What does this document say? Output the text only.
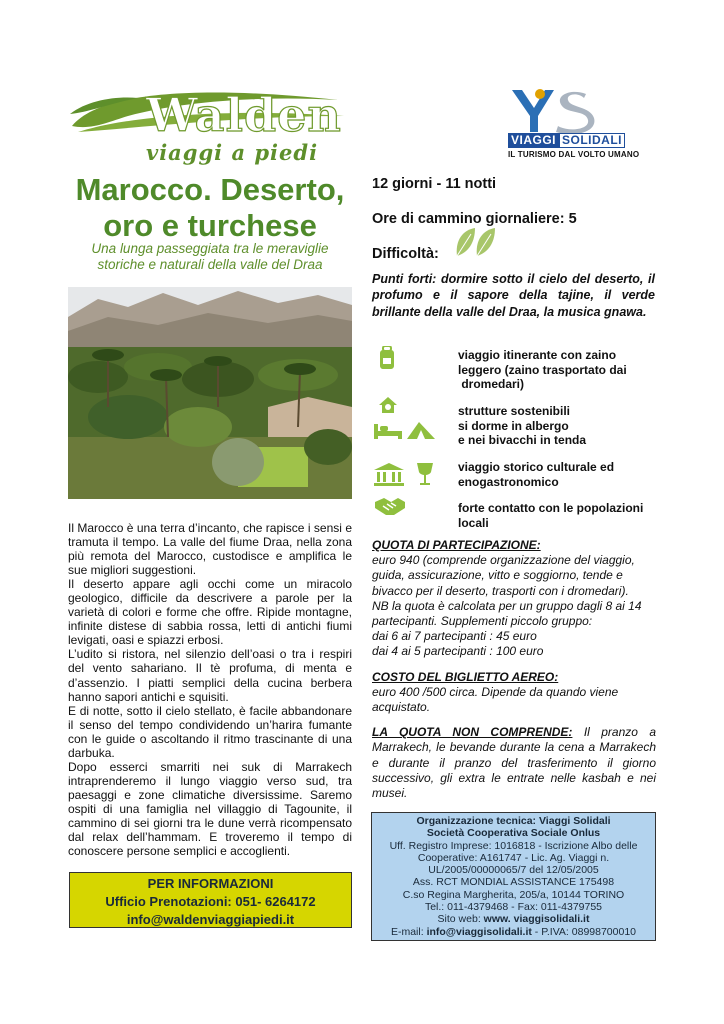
Walden
viaggi a piedi	VIAGGI SOLIDALI
IL TURISMO DAL VOLTO UMANO
Marocco. Deserto,
oro e turchese
Una lunga passeggiata tra le meraviglie
storiche e naturali della valle del Draa

Il Marocco è una terra d’incanto, che rapisce i sensi e tramuta il tempo. La valle del fiume Draa, nella zona più remota del Marocco, custodisce e amplifica le sue migliori suggestioni.

Il deserto appare agli occhi come un miracolo geologico, difficile da descrivere a parole per la varietà di colori e forme che offre. Ripide montagne, infinite distese di sabbia rossa, letti di antichi fiumi levigati, oasi e spiazzi erbosi.

L’udito si ristora, nel silenzio dell’oasi o tra i respiri del vento sahariano. Il tè profuma, di menta e d’assenzio. I piatti semplici della cucina berbera hanno sapori antichi e squisiti.

E di notte, sotto il cielo stellato, è facile abbandonare il senso del tempo condividendo un’harira fumante con le guide o ascoltando il ritmo trascinante di una darbuka.

Dopo esserci smarriti nei suk di Marrakech intraprenderemo il lungo viaggio verso sud, tra paesaggi e zone climatiche diversissime. Saremo ospiti di una famiglia nel villaggio di Tagounite, il cammino di sei giorni tra le dune verrà ricompensato dal relax dell’hammam. E troveremo il tempo di conoscere persone semplici e accoglienti.

PER INFORMAZIONI
Ufficio Prenotazioni: 051- 6264172
info@waldenviaggiapiedi.it
12 giorni - 11 notti
Ore di cammino giornaliere: 5
Difficoltà:
Punti forti: dormire sotto il cielo del deserto, il profumo e il sapore della tajine, il verde brillante della valle del Draa, la musica gnawa.
viaggio itinerante con zaino
leggero (zaino trasportato dai
dromedari)
strutture sostenibili
si dorme in albergo
e nei bivacchi in tenda
viaggio storico culturale ed
enogastronomico
forte contatto con le popolazioni
locali

QUOTA DI PARTECIPAZIONE:

euro 940 (comprende organizzazione del viaggio,

guida, assicurazione, vitto e soggiorno, tende e

bivacco per il deserto, trasporti con i dromedari).

NB la quota è calcolata per un gruppo dagli 8 ai 14

partecipanti. Supplementi piccolo gruppo:

dai 6 ai 7 partecipanti : 45 euro

dai 4 ai 5 partecipanti : 100 euro

COSTO DEL BIGLIETTO AEREO:

euro 400 /500 circa. Dipende da quando viene

acquistato.

LA QUOTA NON COMPRENDE: Il pranzo a Marrakech, le bevande durante la cena a Marrakech e durante il pranzo del trasferimento il giorno successivo, gli extra le entrate nelle kasbah e nei musei.

Organizzazione tecnica: Viaggi Solidali
Società Cooperativa Sociale Onlus
Uff. Registro Imprese: 1016818 - Iscrizione Albo delle
Cooperative: A161747 - Lic. Ag. Viaggi n.
UL/2005/00000065/7 del 12/05/2005
Ass. RCT MONDIAL ASSISTANCE 175498
C.so Regina Margherita, 205/a, 10144 TORINO
Tel.: 011-4379468 - Fax: 011-4379755
Sito web: www. viaggisolidali.it
E-mail: info@viaggisolidali.it - P.IVA: 08998700010
